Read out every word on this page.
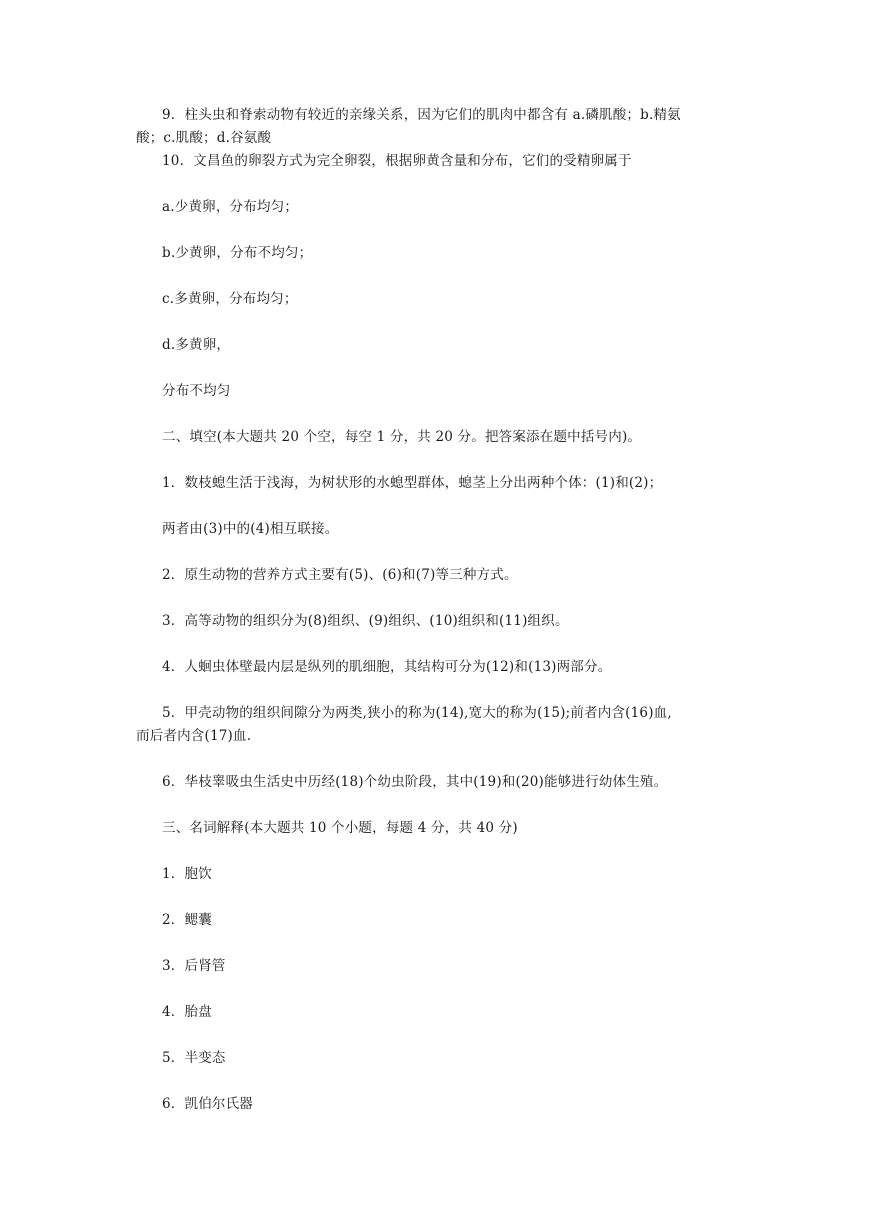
9．柱头虫和脊索动物有较近的亲缘关系，因为它们的肌肉中都含有 a.磷肌酸；b.精氨
酸；c.肌酸；d.谷氨酸
10．文昌鱼的卵裂方式为完全卵裂，根据卵黄含量和分布，它们的受精卵属于
a.少黄卵，分布均匀；
b.少黄卵，分布不均匀；
c.多黄卵，分布均匀；
d.多黄卵，
分布不均匀
二、填空(本大题共 20 个空，每空 1 分，共 20 分。把答案添在题中括号内)。
1．数枝螅生活于浅海，为树状形的水螅型群体，螅茎上分出两种个体：(1)和(2)；
两者由(3)中的(4)相互联接。
2．原生动物的营养方式主要有(5)、(6)和(7)等三种方式。
3．高等动物的组织分为(8)组织、(9)组织、(10)组织和(11)组织。
4．人蛔虫体壁最内层是纵列的肌细胞，其结构可分为(12)和(13)两部分。
5．甲壳动物的组织间隙分为两类,狭小的称为(14),宽大的称为(15);前者内含(16)血,
而后者内含(17)血.
6．华枝睾吸虫生活史中历经(18)个幼虫阶段，其中(19)和(20)能够进行幼体生殖。
三、名词解释(本大题共 10 个小题，每题 4 分，共 40 分)
1．胞饮
2．鳃囊
3．后肾管
4．胎盘
5．半变态
6．凯伯尔氏器
